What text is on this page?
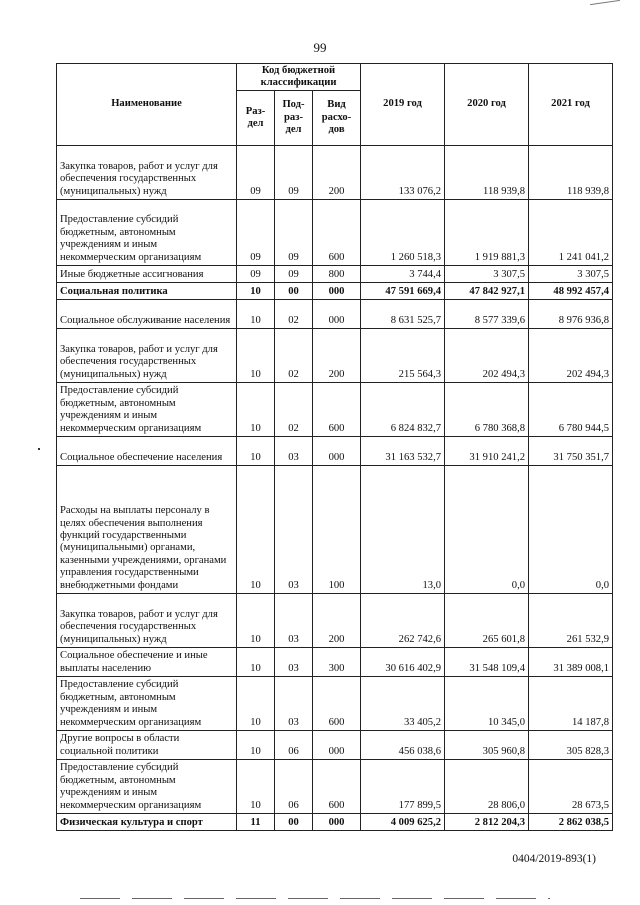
99
Наименование	Код бюджетной классификации			2019 год	2020 год	2021 год
	Раз-дел	Под-раз-дел	Вид расхо-дов			
Закупка товаров, работ и услуг для обеспечения государственных (муниципальных) нужд	09	09	200	133 076,2	118 939,8	118 939,8
Предоставление субсидий бюджетным, автономным учреждениям и иным некоммерческим организациям	09	09	600	1 260 518,3	1 919 881,3	1 241 041,2
Иные бюджетные ассигнования	09	09	800	3 744,4	3 307,5	3 307,5
Социальная политика	10	00	000	47 591 669,4	47 842 927,1	48 992 457,4
Социальное обслуживание населения	10	02	000	8 631 525,7	8 577 339,6	8 976 936,8
Закупка товаров, работ и услуг для обеспечения государственных (муниципальных) нужд	10	02	200	215 564,3	202 494,3	202 494,3
Предоставление субсидий бюджетным, автономным учреждениям и иным некоммерческим организациям	10	02	600	6 824 832,7	6 780 368,8	6 780 944,5
Социальное обеспечение населения	10	03	000	31 163 532,7	31 910 241,2	31 750 351,7
Расходы на выплаты персоналу в целях обеспечения выполнения функций государственными (муниципальными) органами, казенными учреждениями, органами управления государственными внебюджетными фондами	10	03	100	13,0	0,0	0,0
Закупка товаров, работ и услуг для обеспечения государственных (муниципальных) нужд	10	03	200	262 742,6	265 601,8	261 532,9
Социальное обеспечение и иные выплаты населению	10	03	300	30 616 402,9	31 548 109,4	31 389 008,1
Предоставление субсидий бюджетным, автономным учреждениям и иным некоммерческим организациям	10	03	600	33 405,2	10 345,0	14 187,8
Другие вопросы в области социальной политики	10	06	000	456 038,6	305 960,8	305 828,3
Предоставление субсидий бюджетным, автономным учреждениям и иным некоммерческим организациям	10	06	600	177 899,5	28 806,0	28 673,5
Физическая культура и спорт	11	00	000	4 009 625,2	2 812 204,3	2 862 038,5
0404/2019-893(1)
